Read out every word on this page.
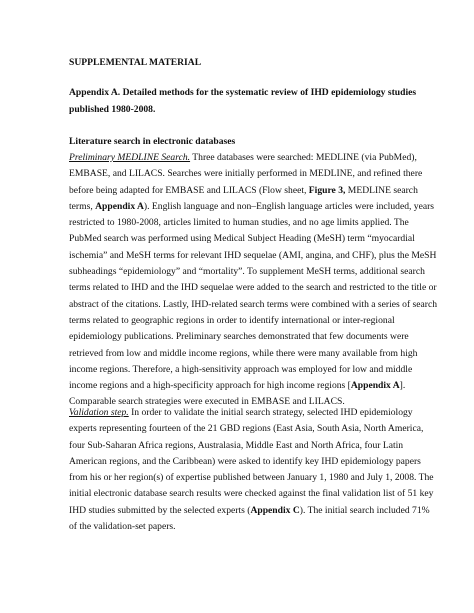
SUPPLEMENTAL MATERIAL
Appendix A. Detailed methods for the systematic review of IHD epidemiology studies published 1980-2008.
Literature search in electronic databases
Preliminary MEDLINE Search. Three databases were searched: MEDLINE (via PubMed), EMBASE, and LILACS. Searches were initially performed in MEDLINE, and refined there before being adapted for EMBASE and LILACS (Flow sheet, Figure 3, MEDLINE search terms, Appendix A). English language and non–English language articles were included, years restricted to 1980-2008, articles limited to human studies, and no age limits applied. The PubMed search was performed using Medical Subject Heading (MeSH) term “myocardial ischemia” and MeSH terms for relevant IHD sequelae (AMI, angina, and CHF), plus the MeSH subheadings “epidemiology” and “mortality”. To supplement MeSH terms, additional search terms related to IHD and the IHD sequelae were added to the search and restricted to the title or abstract of the citations. Lastly, IHD-related search terms were combined with a series of search terms related to geographic regions in order to identify international or inter-regional epidemiology publications. Preliminary searches demonstrated that few documents were retrieved from low and middle income regions, while there were many available from high income regions. Therefore, a high-sensitivity approach was employed for low and middle income regions and a high-specificity approach for high income regions [Appendix A]. Comparable search strategies were executed in EMBASE and LILACS.
Validation step. In order to validate the initial search strategy, selected IHD epidemiology experts representing fourteen of the 21 GBD regions (East Asia, South Asia, North America, four Sub-Saharan Africa regions, Australasia, Middle East and North Africa, four Latin American regions, and the Caribbean) were asked to identify key IHD epidemiology papers from his or her region(s) of expertise published between January 1, 1980 and July 1, 2008. The initial electronic database search results were checked against the final validation list of 51 key IHD studies submitted by the selected experts (Appendix C). The initial search included 71% of the validation-set papers.
